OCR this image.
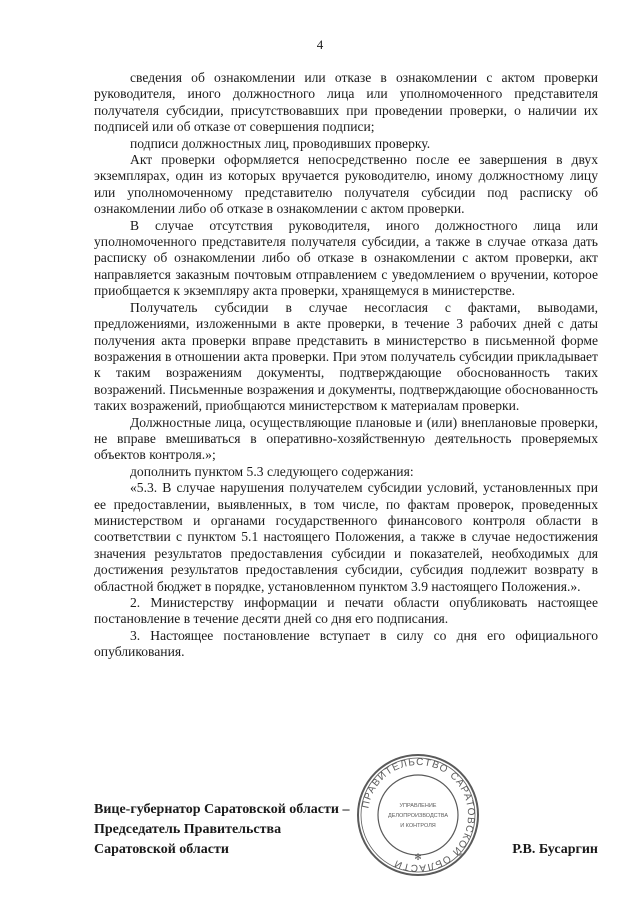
4

сведения об ознакомлении или отказе в ознакомлении с актом проверки руководителя, иного должностного лица или уполномоченного представителя получателя субсидии, присутствовавших при проведении проверки, о наличии их подписей или об отказе от совершения подписи;

подписи должностных лиц, проводивших проверку.

Акт проверки оформляется непосредственно после ее завершения в двух экземплярах, один из которых вручается руководителю, иному должностному лицу или уполномоченному представителю получателя субсидии под расписку об ознакомлении либо об отказе в ознакомлении с актом проверки.

В случае отсутствия руководителя, иного должностного лица или уполномоченного представителя получателя субсидии, а также в случае отказа дать расписку об ознакомлении либо об отказе в ознакомлении с актом проверки, акт направляется заказным почтовым отправлением с уведомлением о вручении, которое приобщается к экземпляру акта проверки, хранящемуся в министерстве.

Получатель субсидии в случае несогласия с фактами, выводами, предложениями, изложенными в акте проверки, в течение 3 рабочих дней с даты получения акта проверки вправе представить в министерство в письменной форме возражения в отношении акта проверки. При этом получатель субсидии прикладывает к таким возражениям документы, подтверждающие обоснованность таких возражений. Письменные возражения и документы, подтверждающие обоснованность таких возражений, приобщаются министерством к материалам проверки.

Должностные лица, осуществляющие плановые и (или) внеплановые проверки, не вправе вмешиваться в оперативно-хозяйственную деятельность проверяемых объектов контроля.»;

дополнить пунктом 5.3 следующего содержания:

«5.3. В случае нарушения получателем субсидии условий, установленных при ее предоставлении, выявленных, в том числе, по фактам проверок, проведенных министерством и органами государственного финансового контроля области в соответствии с пунктом 5.1 настоящего Положения, а также в случае недостижения значения результатов предоставления субсидии и показателей, необходимых для достижения результатов предоставления субсидии, субсидия подлежит возврату в областной бюджет в порядке, установленном пунктом 3.9 настоящего Положения.».

2. Министерству информации и печати области опубликовать настоящее постановление в течение десяти дней со дня его подписания.

3. Настоящее постановление вступает в силу со дня его официального опубликования.

Вице-губернатор Саратовской области –
Председатель Правительства
Саратовской области	Р.В. Бусаргин
ПРАВИТЕЛЬСТВО САРАТОВСКОЙ ОБЛАСТИ
УПРАВЛЕНИЕ
ДЕЛОПРОИЗВОДСТВА
И КОНТРОЛЯ
✻
